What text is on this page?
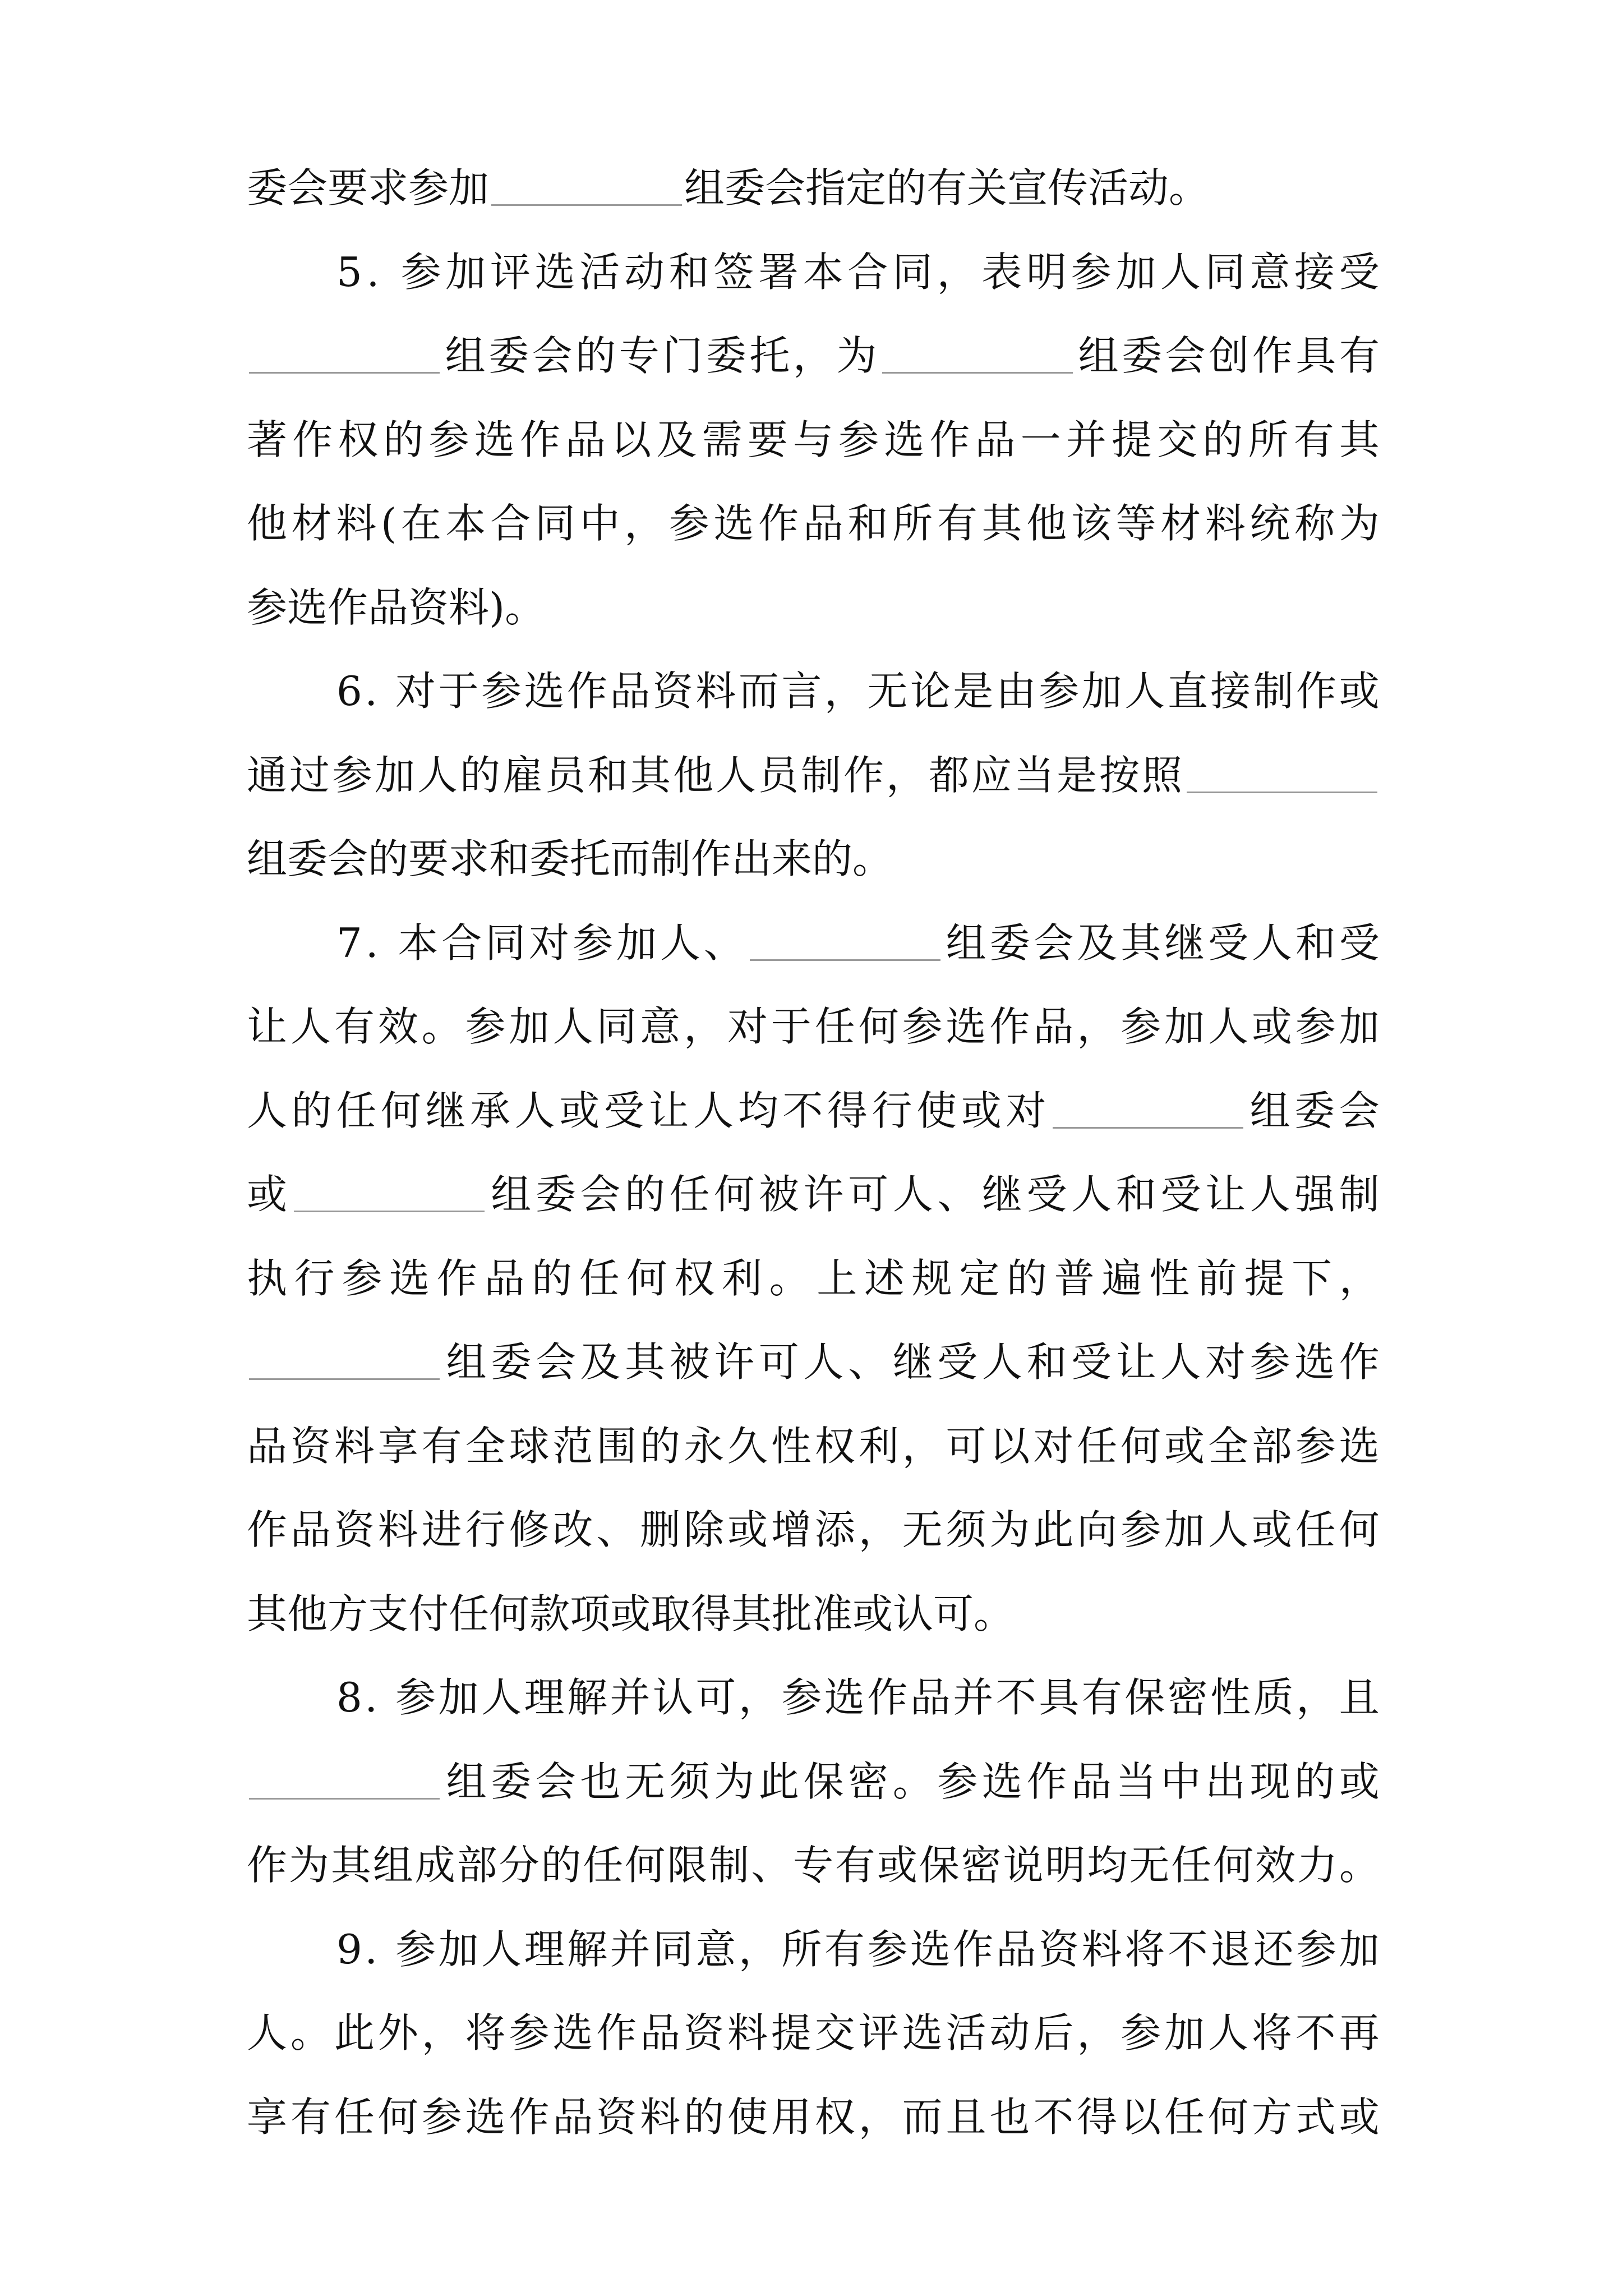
委会要求参加	组委会指定的有关宣传活动。
5 .
参 加 评 选 活 动 和 签 署 本 合 同 ， 表 明 参 加 人 同 意 接 受
组 委 会 的 专 门 委 托 ， 为	组 委 会 创 作 具 有
著 作 权 的 参 选 作 品 以 及 需 要 与 参 选 作 品 一 并 提 交 的 所 有 其
他 材 料 ( 在 本 合 同 中 ， 参 选 作 品 和 所 有 其 他 该 等 材 料 统 称 为
参选作品资料)。
6 .
对 于 参 选 作 品 资 料 而 言 ， 无 论 是 由 参 加 人 直 接 制 作 或
通 过 参 加 人 的 雇 员 和 其 他 人 员 制 作 ， 都 应 当 是 按 照
组委会的要求和委托而制作出来的。
7 .
本 合 同 对 参 加 人 、	组 委 会 及 其 继 受 人 和 受
让 人 有 效 。 参 加 人 同 意 ， 对 于 任 何 参 选 作 品 ， 参 加 人 或 参 加
人 的 任 何 继 承 人 或 受 让 人 均 不 得 行 使 或 对	组 委 会
或	组 委 会 的 任 何 被 许 可 人 、 继 受 人 和 受 让 人 强 制
执 行 参 选 作 品 的 任 何 权 利 。 上 述 规 定 的 普 遍 性 前 提 下 ，
组 委 会 及 其 被 许 可 人 、 继 受 人 和 受 让 人 对 参 选 作
品 资 料 享 有 全 球 范 围 的 永 久 性 权 利 ， 可 以 对 任 何 或 全 部 参 选
作 品 资 料 进 行 修 改 、 删 除 或 增 添 ， 无 须 为 此 向 参 加 人 或 任 何
其他方支付任何款项或取得其批准或认可。
8 .
参 加 人 理 解 并 认 可 ， 参 选 作 品 并 不 具 有 保 密 性 质 ， 且
组 委 会 也 无 须 为 此 保 密 。 参 选 作 品 当 中 出 现 的 或
作 为 其 组 成 部 分 的 任 何 限 制 、 专 有 或 保 密 说 明 均 无 任 何 效 力 。
9 .
参 加 人 理 解 并 同 意 ， 所 有 参 选 作 品 资 料 将 不 退 还 参 加
人 。 此 外 ， 将 参 选 作 品 资 料 提 交 评 选 活 动 后 ， 参 加 人 将 不 再
享 有 任 何 参 选 作 品 资 料 的 使 用 权 ， 而 且 也 不 得 以 任 何 方 式 或
